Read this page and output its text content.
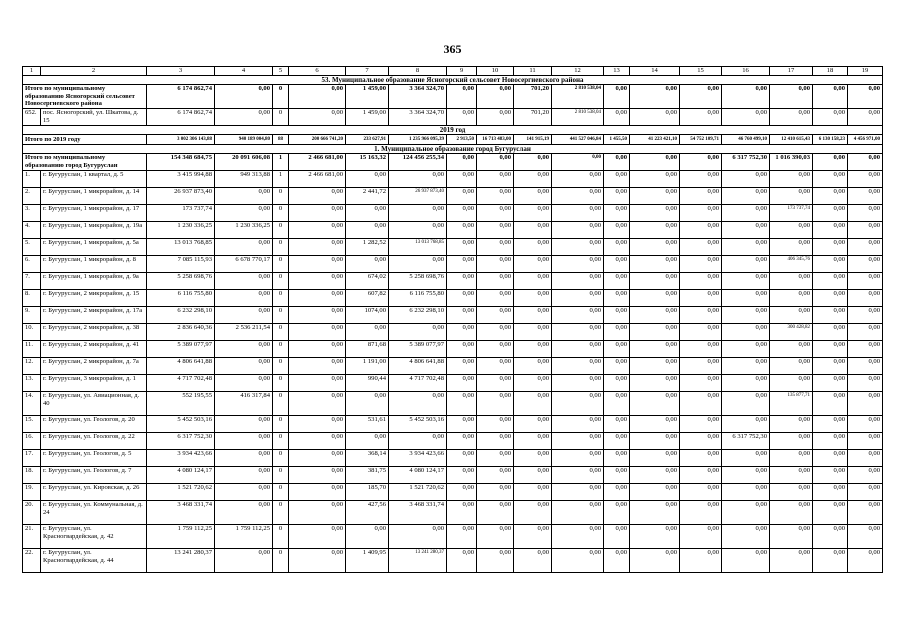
365
1	2	3	4	5	6	7	8	9	10	11	12	13	14	15	16	17	18	19
53. Муниципальное образование Ясногорский сельсовет Новосергиевского района																		
Итого по муниципальному образованию Ясногорский сельсовет Новосергиевского района		6 174 862,74	0,00	0	0,00	1 459,00	3 364 324,70	0,00	0,00	701,20	2 810 538,04	0,00	0,00	0,00	0,00	0,00	0,00	0,00
652.	пос. Ясногорский, ул. Шкатова, д. 15	6 174 862,74	0,00	0	0,00	1 459,00	3 364 324,70	0,00	0,00	701,20	2 810 538,04	0,00	0,00	0,00	0,00	0,00	0,00	0,00
2019 год																		
Итого по 2019 году		3 002 306 143,88	940 189 004,80	88	200 666 741,20	233 627,91	1 235 966 095,39	2 913,50	16 713 483,00	141 915,19	441 527 046,84	1 455,50	41 223 421,10	54 752 109,71	46 760 499,10	12 410 615,43	6 130 158,23	4 456 971,00
1. Муниципальное образование город Бугуруслан																		
Итого по муниципальному образованию город Бугуруслан		154 348 684,75	20 091 606,08	1	2 466 681,00	15 163,32	124 456 255,34	0,00	0,00	0,00	0,00	0,00	0,00	0,00	6 317 752,30	1 016 390,03	0,00	0,00
1.	г. Бугуруслан, 1 квартал, д. 5	3 415 994,88	949 313,88	1	2 466 681,00	0,00	0,00	0,00	0,00	0,00	0,00	0,00	0,00	0,00	0,00	0,00	0,00	0,00
2.	г. Бугуруслан, 1 микрорайон, д. 14	26 937 873,40	0,00	0	0,00	2 441,72	26 937 873,40	0,00	0,00	0,00	0,00	0,00	0,00	0,00	0,00	0,00	0,00	0,00
3.	г. Бугуруслан, 1 микрорайон, д. 17	173 737,74	0,00	0	0,00	0,00	0,00	0,00	0,00	0,00	0,00	0,00	0,00	0,00	0,00	173 737,74	0,00	0,00
4.	г. Бугуруслан, 1 микрорайон, д. 19а	1 230 336,25	1 230 336,25	0	0,00	0,00	0,00	0,00	0,00	0,00	0,00	0,00	0,00	0,00	0,00	0,00	0,00	0,00
5.	г. Бугуруслан, 1 микрорайон, д. 5а	13 013 768,85	0,00	0	0,00	1 282,52	13 013 768,85	0,00	0,00	0,00	0,00	0,00	0,00	0,00	0,00	0,00	0,00	0,00
6.	г. Бугуруслан, 1 микрорайон, д. 8	7 085 115,93	6 678 770,17	0	0,00	0,00	0,00	0,00	0,00	0,00	0,00	0,00	0,00	0,00	0,00	406 345,76	0,00	0,00
7.	г. Бугуруслан, 1 микрорайон, д. 9а	5 258 698,76	0,00	0	0,00	674,02	5 258 698,76	0,00	0,00	0,00	0,00	0,00	0,00	0,00	0,00	0,00	0,00	0,00
8.	г. Бугуруслан, 2 микрорайон, д. 15	6 116 755,80	0,00	0	0,00	607,82	6 116 755,80	0,00	0,00	0,00	0,00	0,00	0,00	0,00	0,00	0,00	0,00	0,00
9.	г. Бугуруслан, 2 микрорайон, д. 17а	6 232 298,10	0,00	0	0,00	1074,00	6 232 298,10	0,00	0,00	0,00	0,00	0,00	0,00	0,00	0,00	0,00	0,00	0,00
10.	г. Бугуруслан, 2 микрорайон, д. 38	2 836 640,36	2 536 211,54	0	0,00	0,00	0,00	0,00	0,00	0,00	0,00	0,00	0,00	0,00	0,00	300 428,82	0,00	0,00
11.	г. Бугуруслан, 2 микрорайон, д. 41	5 389 077,97	0,00	0	0,00	871,68	5 389 077,97	0,00	0,00	0,00	0,00	0,00	0,00	0,00	0,00	0,00	0,00	0,00
12.	г. Бугуруслан, 2 микрорайон, д. 7а	4 806 641,88	0,00	0	0,00	1 191,00	4 806 641,88	0,00	0,00	0,00	0,00	0,00	0,00	0,00	0,00	0,00	0,00	0,00
13.	г. Бугуруслан, 3 микрорайон, д. 1	4 717 702,48	0,00	0	0,00	990,44	4 717 702,48	0,00	0,00	0,00	0,00	0,00	0,00	0,00	0,00	0,00	0,00	0,00
14.	г. Бугуруслан, ул. Авиационная, д. 40	552 195,55	416 317,84	0	0,00	0,00	0,00	0,00	0,00	0,00	0,00	0,00	0,00	0,00	0,00	135 877,71	0,00	0,00
15.	г. Бугуруслан, ул. Геологов, д. 20	5 452 503,16	0,00	0	0,00	531,61	5 452 503,16	0,00	0,00	0,00	0,00	0,00	0,00	0,00	0,00	0,00	0,00	0,00
16.	г. Бугуруслан, ул. Геологов, д. 22	6 317 752,30	0,00	0	0,00	0,00	0,00	0,00	0,00	0,00	0,00	0,00	0,00	0,00	6 317 752,30	0,00	0,00	0,00
17.	г. Бугуруслан, ул. Геологов, д. 5	3 934 423,66	0,00	0	0,00	368,14	3 934 423,66	0,00	0,00	0,00	0,00	0,00	0,00	0,00	0,00	0,00	0,00	0,00
18.	г. Бугуруслан, ул. Геологов, д. 7	4 080 124,17	0,00	0	0,00	381,75	4 080 124,17	0,00	0,00	0,00	0,00	0,00	0,00	0,00	0,00	0,00	0,00	0,00
19.	г. Бугуруслан, ул. Кировская, д. 26	1 521 720,62	0,00	0	0,00	185,70	1 521 720,62	0,00	0,00	0,00	0,00	0,00	0,00	0,00	0,00	0,00	0,00	0,00
20.	г. Бугуруслан, ул. Коммунальная, д. 24	3 468 331,74	0,00	0	0,00	427,56	3 468 331,74	0,00	0,00	0,00	0,00	0,00	0,00	0,00	0,00	0,00	0,00	0,00
21.	г. Бугуруслан, ул. Красногвардейская, д. 42	1 759 112,25	1 759 112,25	0	0,00	0,00	0,00	0,00	0,00	0,00	0,00	0,00	0,00	0,00	0,00	0,00	0,00	0,00
22.	г. Бугуруслан, ул. Красногвардейская, д. 44	13 241 280,37	0,00	0	0,00	1 409,95	13 241 280,37	0,00	0,00	0,00	0,00	0,00	0,00	0,00	0,00	0,00	0,00	0,00
